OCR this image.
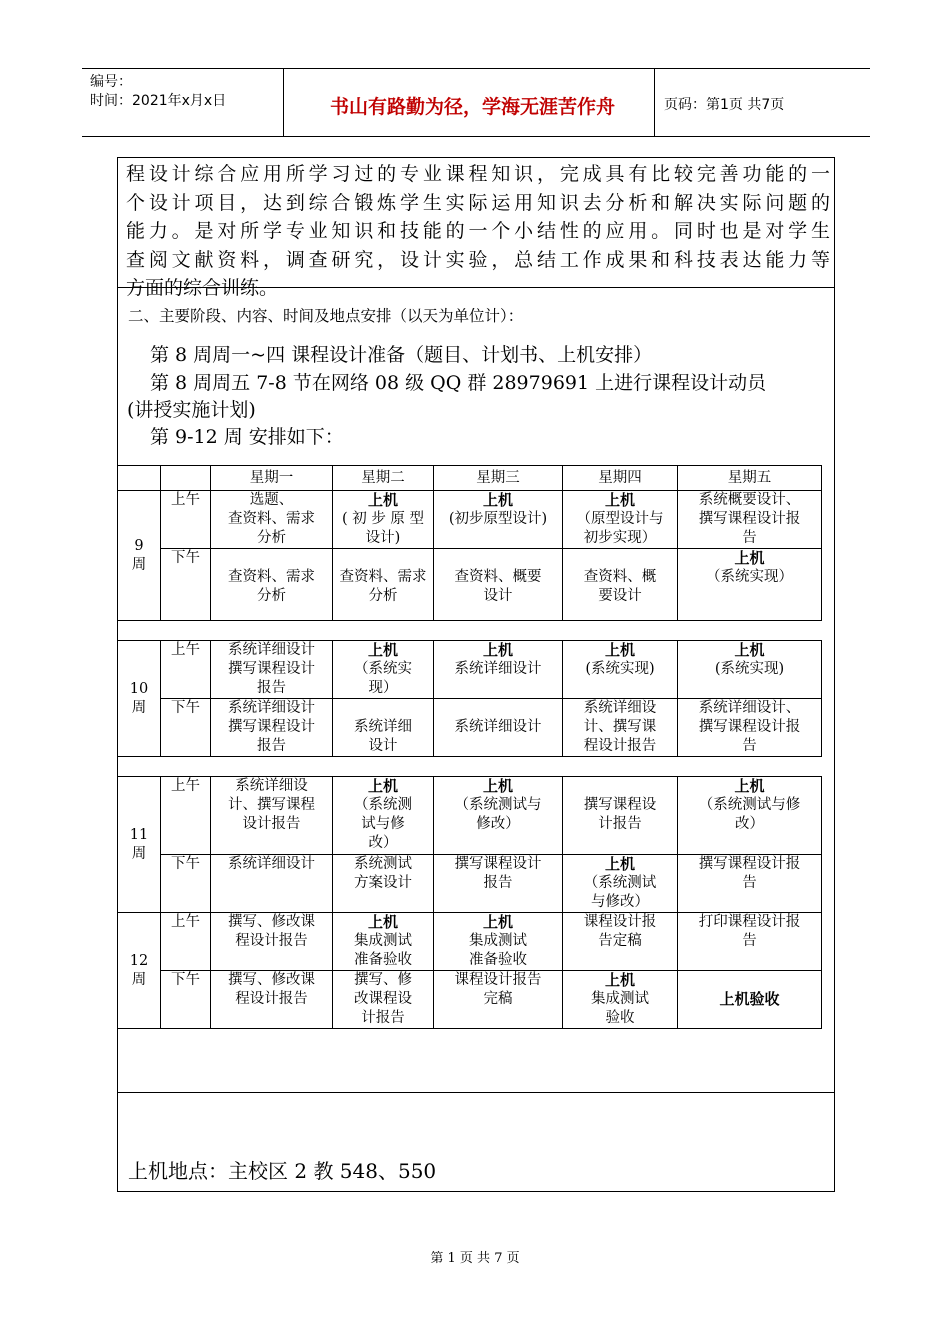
编号：
时间：2021年x月x日	书山有路勤为径，学海无涯苦作舟	页码：第1页 共7页
程设计综合应用所学习过的专业课程知识，完成具有比较完善功能的一
个设计项目，达到综合锻炼学生实际运用知识去分析和解决实际问题的
能力。是对所学专业知识和技能的一个小结性的应用。同时也是对学生
查阅文献资料，调查研究，设计实验，总结工作成果和科技表达能力等
方面的综合训练。
二、主要阶段、内容、时间及地点安排（以天为单位计）：
第 8 周周一~四 课程设计准备（题目、计划书、上机安排）
第 8 周周五 7-8 节在网络 08 级 QQ 群 28979691 上进行课程设计动员
(讲授实施计划)
第 9-12 周 安排如下：
		星期一	星期二	星期三	星期四	星期五

9
周	上午	选题、
查资料、需求
分析	上机
( 初 步 原 型
设计)	上机
(初步原型设计)	上机
（原型设计与
初步实现）	系统概要设计、
撰写课程设计报
告

	下午	查资料、需求
分析	查资料、需求
分析	查资料、概要
设计	查资料、概
要设计	上机
（系统实现）

10
周	上午	系统详细设计
撰写课程设计
报告	上机
（系统实
现）	上机
系统详细设计	上机
(系统实现)	上机
(系统实现)

	下午	系统详细设计
撰写课程设计
报告	系统详细
设计	系统详细设计	系统详细设
计、撰写课
程设计报告	系统详细设计、
撰写课程设计报
告

11
周	上午	系统详细设
计、撰写课程
设计报告	上机
（系统测
试与修
改）	上机
（系统测试与
修改）	撰写课程设
计报告	上机
（系统测试与修
改）

	下午	系统详细设计	系统测试
方案设计	撰写课程设计
报告	上机
（系统测试
与修改）	撰写课程设计报
告

12
周	上午	撰写、修改课
程设计报告	上机
集成测试
准备验收	上机
集成测试
准备验收	课程设计报
告定稿	打印课程设计报
告

	下午	撰写、修改课
程设计报告	撰写、修
改课程设
计报告	课程设计报告
完稿	上机
集成测试
验收	上机验收
上机地点：主校区 2 教 548、550
第 1 页 共 7 页
